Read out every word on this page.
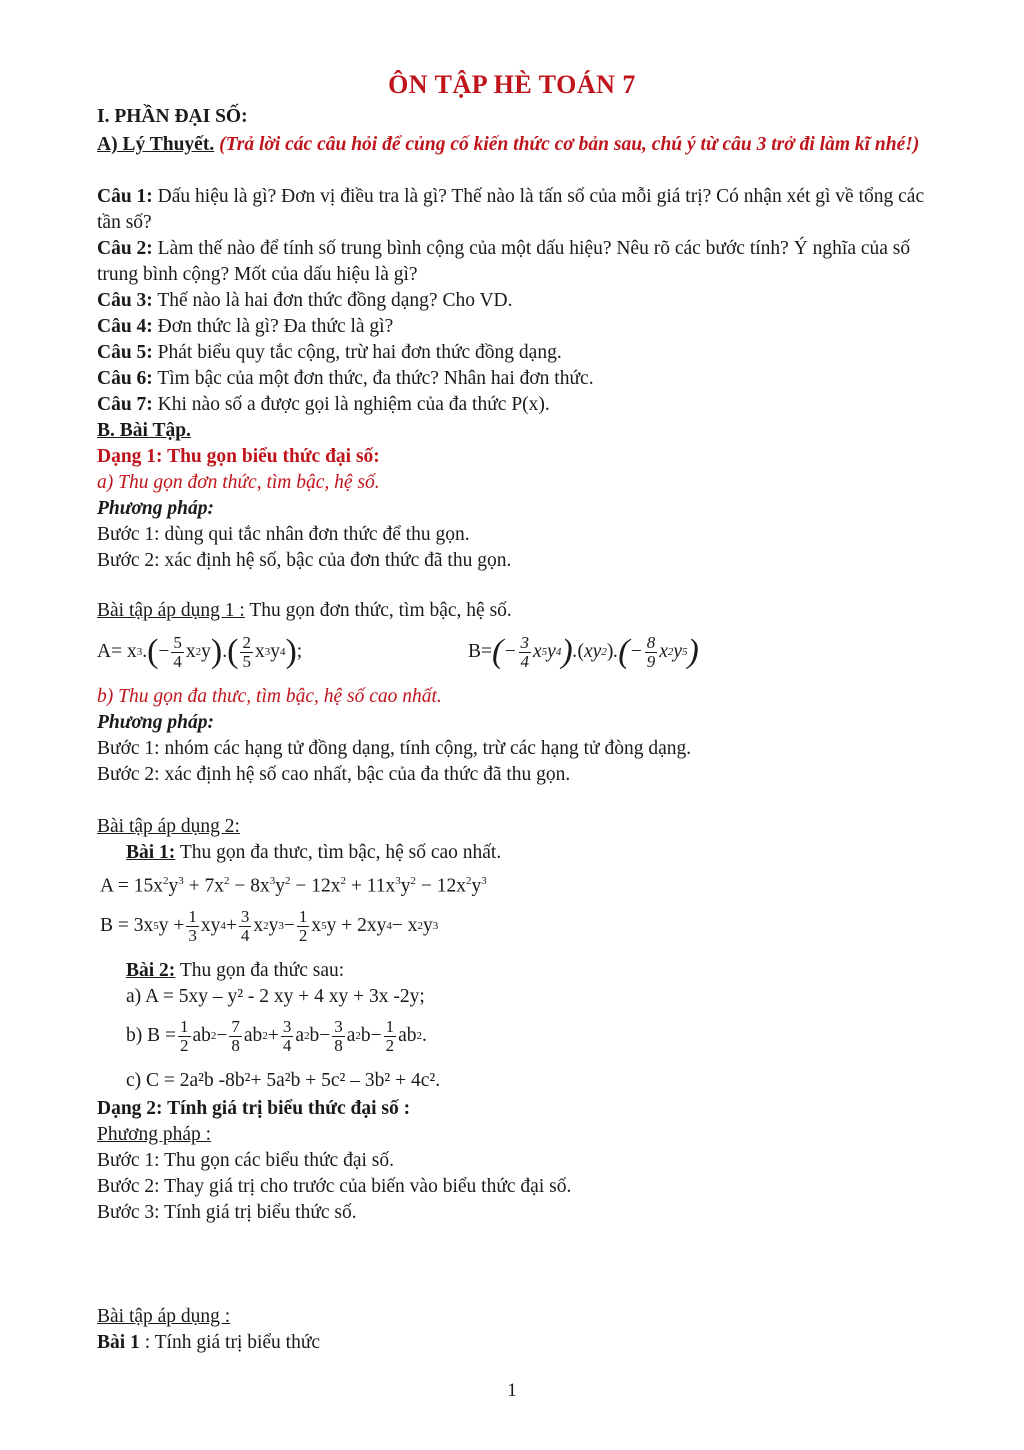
ÔN TẬP HÈ TOÁN 7
I. PHẦN ĐẠI SỐ:
A) Lý Thuyết. (Trả lời các câu hỏi để củng cố kiến thức cơ bản sau, chú ý từ câu 3 trở đi làm kĩ nhé!)
Câu 1: Dấu hiệu là gì? Đơn vị điều tra là gì? Thế nào là tấn số của mỗi giá trị? Có nhận xét gì về tổng các tần số?
Câu 2: Làm thế nào để tính số trung bình cộng của một dấu hiệu? Nêu rõ các bước tính? Ý nghĩa của số trung bình cộng? Mốt của dấu hiệu là gì?
Câu 3: Thế nào là hai đơn thức đồng dạng? Cho VD.
Câu 4: Đơn thức là gì? Đa thức là gì?
Câu 5: Phát biểu quy tắc cộng, trừ hai đơn thức đồng dạng.
Câu 6: Tìm bậc của một đơn thức, đa thức? Nhân hai đơn thức.
Câu 7: Khi nào số a được gọi là nghiệm của đa thức P(x).
B. Bài Tập.
Dạng 1: Thu gọn biểu thức đại số:
a) Thu gọn đơn thức, tìm bậc, hệ số.
Phương pháp:
Bước 1: dùng qui tắc nhân đơn thức để thu gọn.
Bước 2: xác định hệ số, bậc của đơn thức đã thu gọn.
Bài tập áp dụng 1 : Thu gọn đơn thức, tìm bậc, hệ số.
A= x 3 . ( − $\frac{5}{4}$ x 2 y ) . ( $\frac{2}{5}$ x 3 y 4 ) ;	B= ( − $\frac{3}{4}$ x 5 y 4 ) . ( xy 2 ) . ( − $\frac{8}{9}$ x 2 y 5 )
b) Thu gọn đa thưc, tìm bậc, hệ số cao nhất.
Phương pháp:
Bước 1: nhóm các hạng tử đồng dạng, tính cộng, trừ các hạng tử đòng dạng.
Bước 2: xác định hệ số cao nhất, bậc của đa thức đã thu gọn.
Bài tập áp dụng 2:
Bài 1: Thu gọn đa thưc, tìm bậc, hệ số cao nhất.
$A = 15x^2y^3 + 7x^2 - 8x^3y^2 - 12x^2 + 11x^3y^2 - 12x^2y^3$
B = 3x 5 $y + \frac{1}{3}$ xy $4 + \frac{3}{4}$ x 2 y $3 - \frac{1}{2}$ x 5 y + 2xy 4 − x 2 y 3
Bài 2: Thu gọn đa thức sau:
a) A = 5xy – y² - 2 xy + 4 xy + 3x -2y;
b) $B = \frac{1}{2}$ ab $2 - \frac{7}{8}$ ab $2 + \frac{3}{4}$ a 2 $b- \frac{3}{8}$ a 2 $b- \frac{1}{2}$ ab 2 .
c) C = 2a²b -8b²+ 5a²b + 5c² – 3b² + 4c².
Dạng 2: Tính giá trị biểu thức đại số :
Phương pháp :
Bước 1: Thu gọn các biểu thức đại số.
Bước 2: Thay giá trị cho trước của biến vào biểu thức đại số.
Bước 3: Tính giá trị biểu thức số.
Bài tập áp dụng :
Bài 1 : Tính giá trị biểu thức
1
